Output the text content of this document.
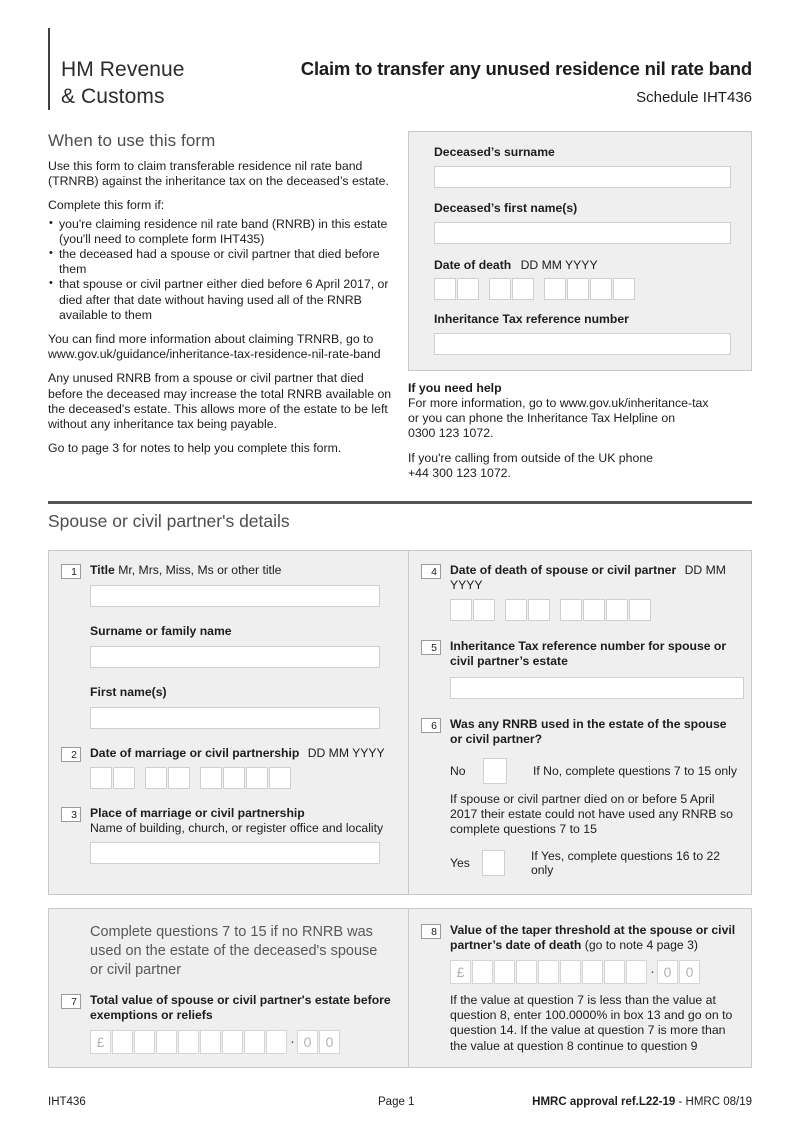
HM Revenue
& Customs
Claim to transfer any unused residence nil rate band
Schedule IHT436
When to use this form
Use this form to claim transferable residence nil rate band (TRNRB) against the inheritance tax on the deceased’s estate.
Complete this form if:
• you're claiming residence nil rate band (RNRB) in this estate (you'll need to complete form IHT435)
• the deceased had a spouse or civil partner that died before them
• that spouse or civil partner either died before 6 April 2017, or died after that date without having used all of the RNRB available to them
You can find more information about claiming TRNRB, go to www.gov.uk/guidance/inheritance-tax-residence-nil-rate-band
Any unused RNRB from a spouse or civil partner that died before the deceased may increase the total RNRB available on the deceased's estate. This allows more of the estate to be left without any inheritance tax being payable.
Go to page 3 for notes to help you complete this form.
Deceased’s surname
Deceased’s first name(s)
Date of death DD MM YYYY
Inheritance Tax reference number
If you need help
For more information, go to www.gov.uk/inheritance-tax
or you can phone the Inheritance Tax Helpline on
0300 123 1072.
If you're calling from outside of the UK phone
+44 300 123 1072.
Spouse or civil partner's details
1	Title Mr, Mrs, Miss, Ms or other title
Surname or family name
First name(s)
2	Date of marriage or civil partnership DD MM YYYY
3	Place of marriage or civil partnership
Name of building, church, or register office and locality
4	Date of death of spouse or civil partner DD MM YYYY
5	Inheritance Tax reference number for spouse or civil partner’s estate
6	Was any RNRB used in the estate of the spouse or civil partner?
No	If No, complete questions 7 to 15 only
If spouse or civil partner died on or before 5 April 2017 their estate could not have used any RNRB so complete questions 7 to 15
Yes	If Yes, complete questions 16 to 22 only
Complete questions 7 to 15 if no RNRB was used on the estate of the deceased's spouse or civil partner
7	Total value of spouse or civil partner's estate before exemptions or reliefs
£	· 0	0
8	Value of the taper threshold at the spouse or civil partner’s date of death (go to note 4 page 3)
£	· 0	0
If the value at question 7 is less than the value at question 8, enter 100.0000% in box 13 and go on to question 14. If the value at question 7 is more than the value at question 8 continue to question 9
IHT436	Page 1	HMRC approval ref.L22-19 - HMRC 08/19
